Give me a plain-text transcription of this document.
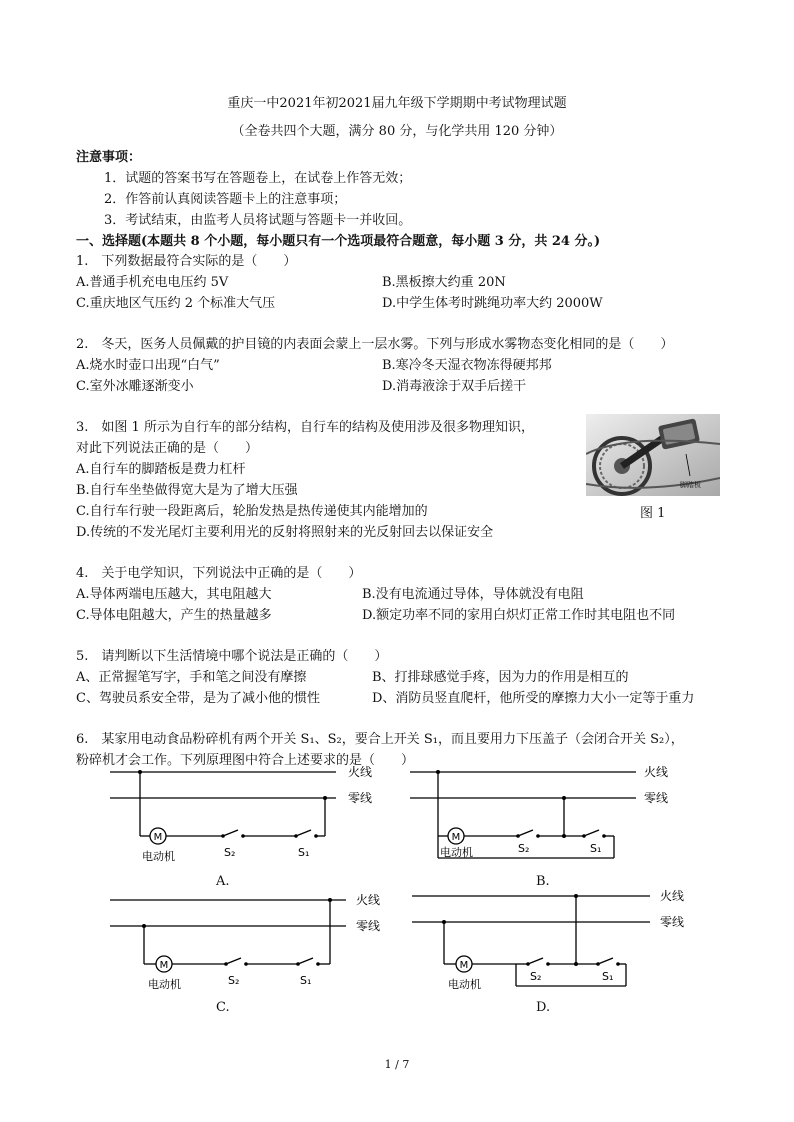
重庆一中2021年初2021届九年级下学期期中考试物理试题
（全卷共四个大题，满分 80 分，与化学共用 120 分钟）
注意事项：
1．试题的答案书写在答题卷上，在试卷上作答无效；
2．作答前认真阅读答题卡上的注意事项；
3．考试结束，由监考人员将试题与答题卡一并收回。
一、选择题(本题共 8 个小题，每小题只有一个选项最符合题意，每小题 3 分，共 24 分。)
1.　下列数据最符合实际的是（　　）
A.普通手机充电电压约 5V	B.黑板擦大约重 20N
C.重庆地区气压约 2 个标准大气压	D.中学生体考时跳绳功率大约 2000W
2.　冬天，医务人员佩戴的护目镜的内表面会蒙上一层水雾。下列与形成水雾物态变化相同的是（　　）
A.烧水时壶口出现“白气”	B.寒冷冬天湿衣物冻得硬邦邦
C.室外冰雕逐渐变小	D.消毒液涂于双手后搓干
3.　如图 1 所示为自行车的部分结构，自行车的结构及使用涉及很多物理知识，
对此下列说法正确的是（　　）
A.自行车的脚踏板是费力杠杆
B.自行车坐垫做得宽大是为了增大压强
C.自行车行驶一段距离后，轮胎发热是热传递使其内能增加的
D.传统的不发光尾灯主要利用光的反射将照射来的光反射回去以保证安全
脚踏板
图 1
4.　关于电学知识，下列说法中正确的是（　　）
A.导体两端电压越大，其电阻越大	B.没有电流通过导体，导体就没有电阻
C.导体电阻越大，产生的热量越多	D.额定功率不同的家用白炽灯正常工作时其电阻也不同
5.　请判断以下生活情境中哪个说法是正确的（　　）
A、正常握笔写字，手和笔之间没有摩擦	B、打排球感觉手疼，因为力的作用是相互的
C、驾驶员系安全带，是为了减小他的惯性	D、消防员竖直爬杆，他所受的摩擦力大小一定等于重力
6.　某家用电动食品粉碎机有两个开关 S₁、S₂，要合上开关 S₁，而且要用力下压盖子（会闭合开关 S₂），
粉碎机才会工作。下列原理图中符合上述要求的是（　　）
M
火线
零线
电动机	S₂	S₁
A.
M
火线
零线
电动机	S₂	S₁
B.
M
火线
零线
电动机	S₂	S₁
C.
M
火线
零线
电动机
S₂	S₁
D.
1 / 7
